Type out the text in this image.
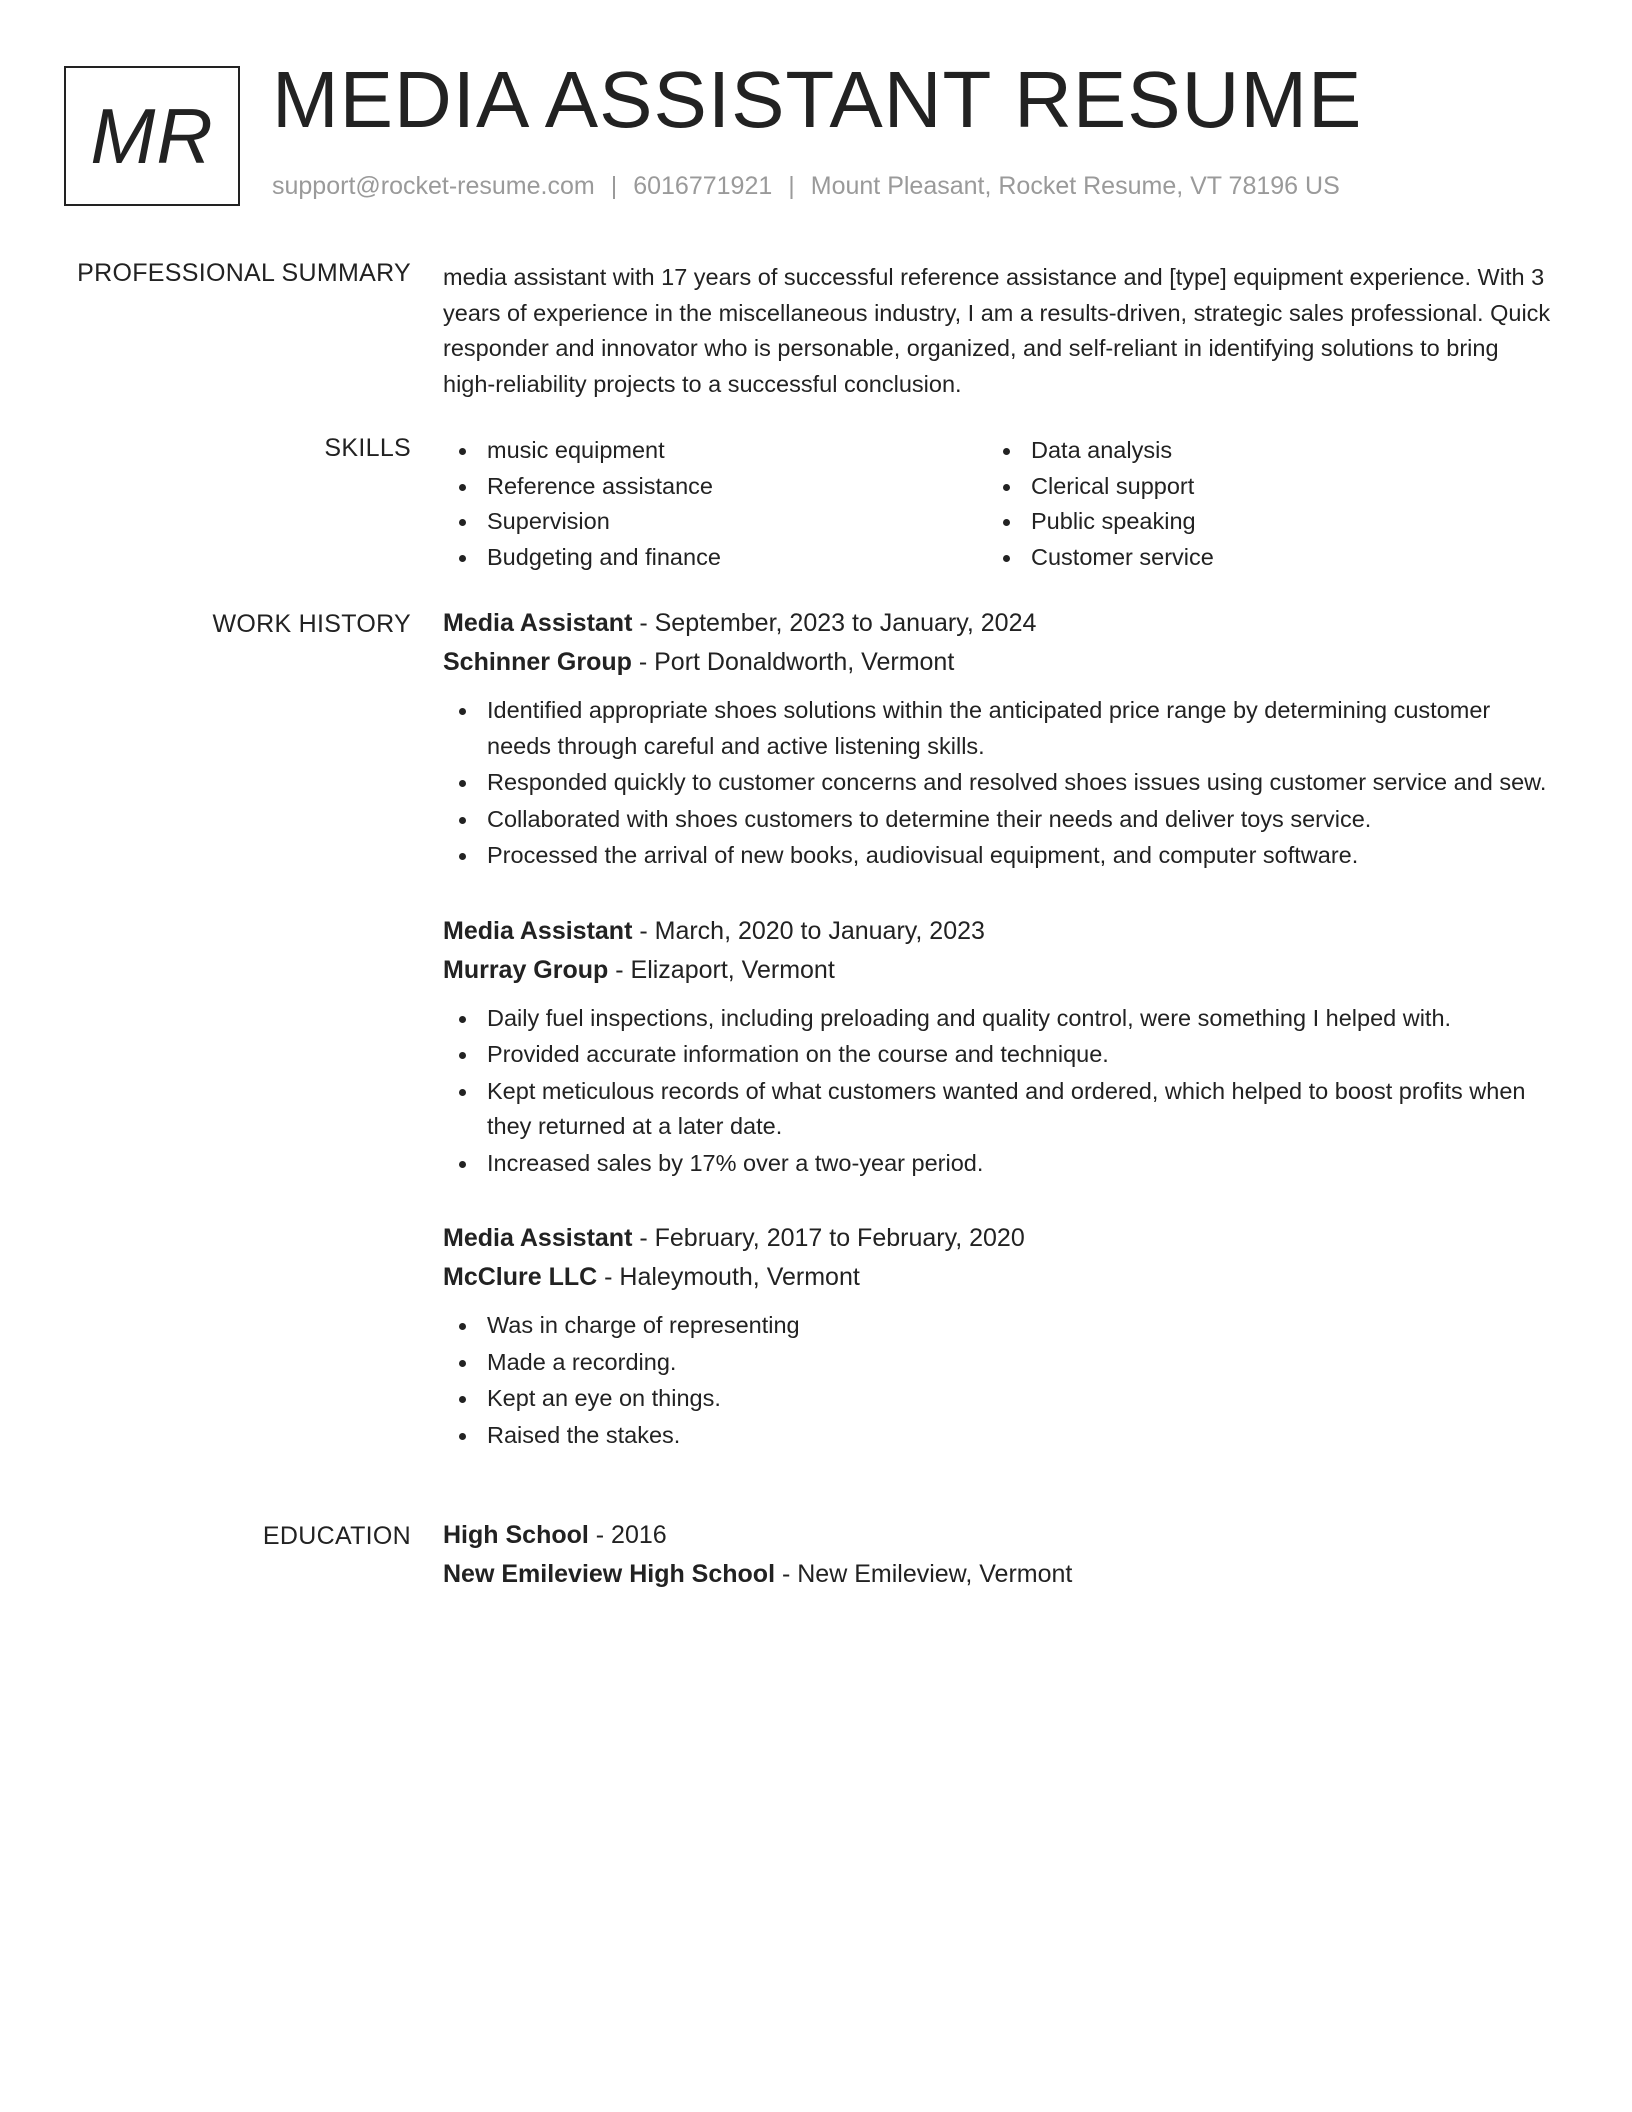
MR MEDIA ASSISTANT RESUME
support@rocket-resume.com | 6016771921 | Mount Pleasant, Rocket Resume, VT 78196 US
PROFESSIONAL SUMMARY media assistant with 17 years of successful reference assistance and [type] equipment experience. With 3 years of experience in the miscellaneous industry, I am a results-driven, strategic sales professional. Quick responder and innovator who is personable, organized, and self-reliant in identifying solutions to bring high-reliability projects to a successful conclusion.

SKILLS	music equipment
Reference assistance
Supervision
Budgeting and finance
Data analysis
Clerical support
Public speaking
Customer service
WORK HISTORY Media Assistant - September, 2023 to January, 2024
Schinner Group - Port Donaldworth, Vermont
Identified appropriate shoes solutions within the anticipated price range by determining customer needs through careful and active listening skills.
Responded quickly to customer concerns and resolved shoes issues using customer service and sew.
Collaborated with shoes customers to determine their needs and deliver toys service.
Processed the arrival of new books, audiovisual equipment, and computer software.
Media Assistant - March, 2020 to January, 2023
Murray Group - Elizaport, Vermont
Daily fuel inspections, including preloading and quality control, were something I helped with.
Provided accurate information on the course and technique.
Kept meticulous records of what customers wanted and ordered, which helped to boost profits when they returned at a later date.
Increased sales by 17% over a two-year period.
Media Assistant - February, 2017 to February, 2020
McClure LLC - Haleymouth, Vermont
Was in charge of representing
Made a recording.
Kept an eye on things.
Raised the stakes.
EDUCATION High School - 2016
New Emileview High School - New Emileview, Vermont
